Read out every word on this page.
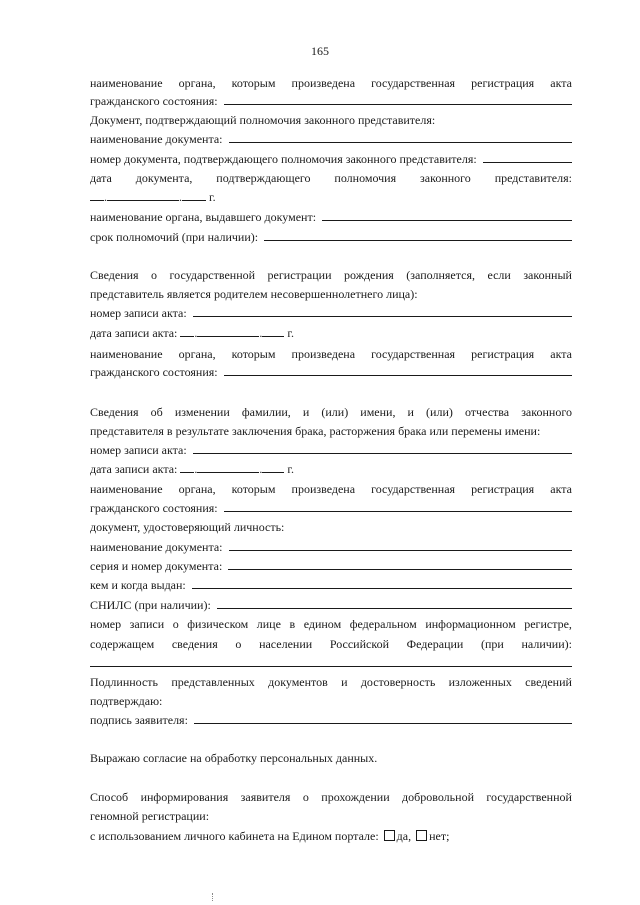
165
наименование органа, которым произведена государственная регистрация акта
гражданского состояния:
Документ, подтверждающий полномочия законного представителя:
наименование документа:
номер документа, подтверждающего полномочия законного представителя:
дата документа, подтверждающего полномочия законного представителя:
.	. г.
наименование органа, выдавшего документ:
срок полномочий (при наличии):
Сведения о государственной регистрации рождения (заполняется, если законный
представитель является родителем несовершеннолетнего лица):
номер записи акта:
дата записи акта: .	. г.
наименование органа, которым произведена государственная регистрация акта
гражданского состояния:
Сведения об изменении фамилии, и (или) имени, и (или) отчества законного
представителя в результате заключения брака, расторжения брака или перемены имени:
номер записи акта:
дата записи акта: .	. г.
наименование органа, которым произведена государственная регистрация акта
гражданского состояния:
документ, удостоверяющий личность:
наименование документа:
серия и номер документа:
кем и когда выдан:
СНИЛС (при наличии):
номер записи о физическом лице в едином федеральном информационном регистре,
содержащем сведения о населении Российской Федерации (при наличии):
Подлинность представленных документов и достоверность изложенных сведений
подтверждаю:
подпись заявителя:
Выражаю согласие на обработку персональных данных.
Способ информирования заявителя о прохождении добровольной государственной
геномной регистрации:
с использованием личного кабинета на Едином портале: да, нет;
